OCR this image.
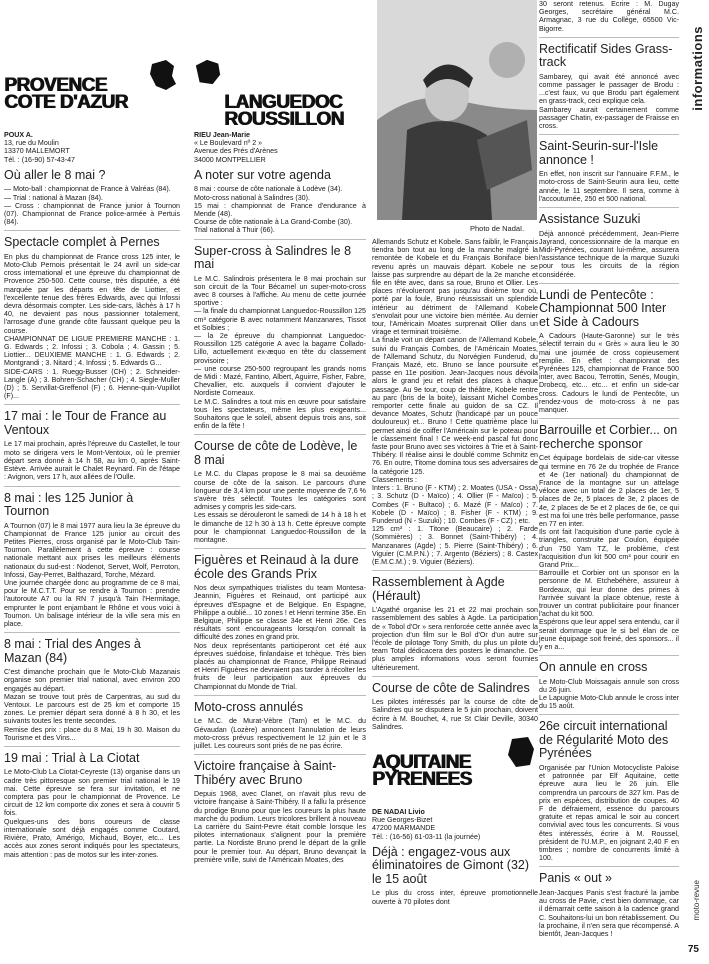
informations
moto-revue
75

PROVENCE
COTE D'AZUR

POUX A.
13, rue du Moulin
13370 MALLEMORT
Tél. : (16-90) 57-43-47
Où aller le 8 mai ?

— Moto-ball : championnat de France à Valréas (84).

— Trial : national à Mazan (84).

— Cross : championnat de France junior à Tournon (07). Championnat de France police-armée à Pertuis (84).

Spectacle complet à Pernes

En plus du championnat de France cross 125 inter, le Moto-Club Pernois présentait le 24 avril un side-car cross international et une épreuve du championnat de Provence 250-500. Cette course, très disputée, a été marquée par les départs en tête de Liottier, et l'excellente tenue des frères Edwards, avec qui Infossi devra désormais compter. Les side-cars, lâchés à 17 h 40, ne devaient pas nous passionner totalement, l'arrosage d'une grande côte faussant quelque peu la course.

CHAMPIONNAT DE LIGUE PREMIERE MANCHE : 1. G. Edwards ; 2. Infossi ; 3. Cobola ; 4. Gassin ; 5. Liottier... DEUXIEME MANCHE : 1. G. Edwards ; 2. Montgrandi ; 3. Nitard ; 4. Infossi ; 5. Edwards G...

SIDE-CARS : 1. Ruegg-Busser (CH) ; 2. Schneider-Langle (A) ; 3. Bohren-Schacher (CH) ; 4. Siegle-Muller (D) ; 5. Servillat-Greffenol (F) ; 6. Henne-quin-Vupillot (F)...

17 mai : le Tour de France au Ventoux

Le 17 mai prochain, après l'épreuve du Castellet, le tour moto se dirigera vers le Mont-Ventoux, où le premier départ sera donné à 14 h 58, au km 0, après Saint-Estève. Arrivée aurait le Chalet Reynard. Fin de l'étape : Avignon, vers 17 h, aux allées de l'Oulle.

8 mai : les 125 Junior à Tournon

A Tournon (07) le 8 mai 1977 aura lieu la 3e épreuve du Championnat de France 125 junior au circuit des Petites Pierres, cross organisé par le Moto-Club Tain-Tournon. Parallèlement à cette épreuve : course nationale mettant aux prises les meilleurs éléments nationaux du sud-est : Nodenot, Servet, Wolf, Perroton, Infossi, Gay-Perret, Balthazard, Torche, Mézard.

Une journée chargée donc au programme de ce 8 mai, pour le M.C.T.T. Pour se rendre à Tournon : prendre l'autoroute A7 ou la RN 7 jusqu'à Tain l'Hermitage, emprunter le pont enjambant le Rhône et vous voici à Tournon. Un balisage intérieur de la ville sera mis en place.

8 mai : Trial des Anges à Mazan (84)

C'est dimanche prochain que le Moto-Club Mazanais organise son premier trial national, avec environ 200 engagés au départ.

Mazan se trouve tout près de Carpentras, au sud du Ventoux. Le parcours est de 25 km et comporte 15 zones. Le premier départ sera donné à 8 h 30, et les suivants toutes les trente secondes.

Remise des prix : place du 8 Mai, 19 h 30. Maison du Tourisme et des Vins...

19 mai : Trial à La Ciotat

Le Moto-Club La Ciotat-Ceyreste (13) organise dans un cadre très pittoresque son premier trial national le 19 mai. Cette épreuve se fera sur invitation, et ne comptera pas pour le championnat de Provence. Le circuit de 12 km comporte dix zones et sera à couvrir 5 fois.

Quelques-uns des bons coureurs de classe internationale sont déjà engagés comme Coutard, Rivière, Prato, Amérigo, Michaud, Boyer, etc... Les accès aux zones seront indiqués pour les spectateurs, mais attention : pas de motos sur les inter-zones.

LANGUEDOC
ROUSSILLON

RIEU Jean-Marie
« Le Boulevard nº 2 »
Avenue des Prés d'Arènes
34000 MONTPELLIER
A noter sur votre agenda

8 mai : course de côte nationale à Lodève (34).

Moto-cross national à Salindres (30).

15 mai : championnat de France d'endurance à Mende (48).

Course de côte nationale à La Grand-Combe (30).

Trial national à Thuir (66).

Super-cross à Salindres le 8 mai

Le M.C. Salindrois présentera le 8 mai prochain sur son circuit de la Tour Bécamel un super-moto-cross avec 8 courses à l'affiche. Au menu de cette journée sportive :

— la finale du championnat Languedoc-Roussillon 125 cm³ catégorie B avec notamment Manzanares, Tissot et Solbies ;

— la 2e épreuve du championnat Languedoc-Roussillon 125 catégorie A avec la bagarre Collado-Lillo, actuellement ex-æquo en tête du classement provisoire ;

— une course 250-500 regroupant les grands noms de Midi : Mazé, Fantino, Albert, Aguirre, Fisher, Fabre, Chevallier, etc. auxquels il convient d'ajouter le Nordiste Corneaux.

Le M.C. Salindres a tout mis en œuvre pour satisfaire tous les spectateurs, même les plus exigeants... Souhaitons que le soleil, absent depuis trois ans, soit enfin de la fête !

Course de côte de Lodève, le 8 mai

Le M.C. du Clapas propose le 8 mai sa deuxième course de côte de la saison. Le parcours d'une longueur de 3,4 km pour une pente moyenne de 7,6 % s'avère très sélectif. Toutes les catégories sont admises y compris les side-cars.

Les essais se dérouleront le samedi de 14 h à 18 h et le dimanche de 12 h 30 à 13 h. Cette épreuve compte pour le championnat Languedoc-Roussillon de la montagne.

Figuères et Reinaud à la dure école des Grands Prix

Nos deux sympathiques trialistes du team Montesa-Jeannin, Figuères et Reinaud, ont participé aux épreuves d'Espagne et de Belgique. En Espagne, Philippe a oublié... 10 zones ! et Henri termine 35e. En Belgique, Philippe se classe 34e et Henri 26e. Ces résultats sont encourageants lorsqu'on connaît la difficulté des zones en grand prix.

Nos deux représentants participeront cet été aux épreuves suédoise, finlandaise et tchèque. Très bien placés au championnat de France, Philippe Reinaud et Henri Figuères ne devraient pas tarder à récolter les fruits de leur participation aux épreuves du Championnat du Monde de Trial.

Moto-cross annulés

Le M.C. de Murat-Vèbre (Tarn) et le M.C. du Gévaudan (Lozère) annoncent l'annulation de leurs moto-cross prévus respectivement le 12 juin et le 3 juillet. Les coureurs sont priés de ne pas écrire.

Victoire française à Saint-Thibéry avec Bruno

Depuis 1968, avec Clanet, on n'avait plus revu de victoire française à Saint-Thibéry. Il a fallu la présence du prodige Bruno pour que les coureurs la plus haute marche du podium. Leurs tricolores brillent à nouveau La carrière du Saint-Pevre était comble lorsque les pilotes internationaux s'alignent pour la première partie. La Nordiste Bruno prend le départ de la grille pour le premier tour. Au départ, Bruno devançait la première vrille, suivi de l'Américain Moates, des

Photo de Nadaï.

Allemands Schutz et Kobele. Sans faiblir, le Français tiendra bon tout au long de la manche malgré la remontée de Kobele et du Français Boniface bien revenu après un mauvais départ. Kobele ne se laisse pas surprendre au départ de la 2e manche et file en tête avec, dans sa roue, Bruno et Ollier. Les places n'évolueront pas jusqu'au dixième tour où, porté par la foule, Bruno réussissait un splendide intérieur au détriment de l'Allemand Kobele s'envolait pour une victoire bien méritée. Au dernier tour, l'Américain Moates surprenait Ollier dans un virage et terminait troisième.

La finale voit un départ canon de l'Allemand Kobele, suivi du Français Combes, de l'Américain Moates, de l'Allemand Schutz, du Norvégien Funderud, du Français Mazé, etc. Bruno se lance poursuite et passe en 11e position. Jean-Jacques nous dévoila alors le grand jeu et refait des places à chaque passage. Au 9e tour, coup de théâtre, Kobele rentre au parc (bris de la boite), laissant Michel Combes remporter cette finale au guidon de sa CZ. Il devance Moates, Schutz (handicapé par un pouce douloureux) et... Bruno ! Cette quatrième place lui permet ainsi de coiffer l'Américain sur le poteau pour le classement final ! Ce week-end pascal fut donc faste pour Bruno avec ses victoires à Trie et à Saint-Thibéry. Il réalise ainsi le doublé comme Schmitz en 76. En outre, Titome domina tous ses adversaires de la catégorie 125.

Classements :

Inters : 1. Bruno (F - KTM) ; 2. Moates (USA - Ossa) ; 3. Schutz (D - Maïco) ; 4. Ollier (F - Maïco) ; 5. Combes (F - Bultaco) ; 6. Mazé (F - Maïco) ; 7. Kobele (D - Maïco) ; 8. Fisher (F - KTM) ; 9. Funderud (N - Suzuki) ; 10. Combes (F - CZ) ; etc.

125 cm³ : 1. Titone (Beaucaire) ; 2. Farde (Sommières) ; 3. Bonnet (Saint-Thibéry) ; 4. Manzanares (Agde) ; 5. Pierre (Saint-Thibéry) ; 6. Viguier (C.M.P.N.) ; 7. Argento (Béziers) ; 8. Castex (E.M.C.M.) ; 9. Viguier (Béziers).

Rassemblement à Agde (Hérault)

L'Agathé organise les 21 et 22 mai prochain son rassemblement des sables à Agde. La participation de « Tobol d'Or » sera renforcée cette année avec la projection d'un film sur le Bol d'Or d'un autre sur l'école de pilotage Tony Smith, du plus un pilote du team Total dédicacera des posters le dimanche. De plus amples informations vous seront fournies ultérieurement.

Course de côte de Salindres

Les pilotes intéressés par la course de côte de Salindres qui se disputera le 5 juin prochain, doivent écrire à M. Bouchet, 4, rue St Clair Deville, 30340 Salindres.

AQUITAINE
PYRENEES

DE NADAI Livio
Rue Georges-Bizet
47200 MARMANDE
Tél. : (16-56) 61-03-11 (la journée)
Déjà : engagez-vous aux éliminatoires de Gimont (32) le 15 août

Le plus du cross inter, épreuve promotionnelle ouverte à 70 pilotes dont

30 seront retenus. Ecrire : M. Dugay Georges, secrétaire général M.C. Armagnac, 3 rue du Collège, 65500 Vic-Bigorre.

Rectificatif Sides Grass-track

Sambarey, qui avait été annoncé avec comme passager le passager de Brodu : ...c'est faux, vu que Brodu part également en grass-track, ceci explique cela.

Sambarey aurait certainement comme passager Chatin, ex-passager de Fraisse en cross.

Saint-Seurin-sur-l'Isle annonce !

En effet, non inscrit sur l'annuaire F.F.M., le moto-cross de Saint-Seurin aura lieu, cette année, le 11 septembre. Il sera, comme à l'accoutumée, 250 et 500 national.

Assistance Suzuki

Déjà annoncé précédemment, Jean-Pierre Jayrand, concessionnaire de la marque en Midi-Pyrénées, courant lui-même, assurera l'assistance technique de la marque Suzuki pour tous les circuits de la région considérée.

Lundi de Pentecôte : Championnat 500 Inter et Side à Cadours

A Cadours (Haute-Garonne) sur le très sélectif terrain du « Grès » aura lieu le 30 mai une journée de cross copieusement remplie. En effet : championnat des Pyrénées 125, championnat de France 500 inter, avec Bacou, Terrottin, Senés, Mougin, Drobecq, etc... etc... et enfin un side-car cross. Cadours le lundi de Pentecôte, un rendez-vous de moto-cross à ne pas manquer.

Barrouille et Corbier... on recherche sponsor

Cet équipage bordelais de side-car vitesse qui termine en 76 2e du trophée de France et 4e (1er national) du championnat de France de la montagne sur un attelage véloce avec un total de 2 places de 1er, 5 places de 2e, 5 places de 3e, 2 places de 4e, 2 places de 5e et 2 places de 6e, ce qui est ma foi une très belle performance, passe en 77 en inter.

Ils ont fait l'acquisition d'une partie cycle à triangles, construite par Coulon, équipée d'un 750 Yam TZ, le problème, c'est l'acquisition d'un kit 500 cm³ pour courir en Grand Prix...

Barrouille et Corbier ont un sponsor en la personne de M. Etchebéhère, assureur à Bordeaux, qui leur donne des primes à l'arrivée suivant la place obtenue, reste à trouver un contrat publicitaire pour financer l'achat du kit 500.

Espérons que leur appel sera entendu, car il serait dommage que le si bel élan de ce jeune équipage soit freiné, des sponsors... il y en a...

On annule en cross

Le Moto-Club Moissagais annule son cross du 26 juin.

Le Lapugnie Moto-Club annule le cross inter du 15 août.

26e circuit international de Régularité Moto des Pyrénées

Organisée par l'Union Motocycliste Paloise et patronnée par Elf Aquitaine, cette épreuve aura lieu le 26 juin. Elle comprendra un parcours de 327 km. Pas de prix en espèces, distribution de coupes. 40 F de défraiement, essence du parcours gratuite et repas amical le soir au concert convivial avec tous les concurrents. Si vous êtes intéressés, écrire à M. Roussel, président de l'U.M.P., en joignant 2,40 F en timbres ; nombre de concurrents limité à 100.

Panis « out »

Jean-Jacques Panis s'est fracturé la jambe au cross de Pavie, c'est bien dommage, car il démarrait cette saison à la cadence grand C. Souhaitons-lui un bon rétablissement. Ou la prochaine, il n'en sera que récompensé. A bientôt, Jean-Jacques !
